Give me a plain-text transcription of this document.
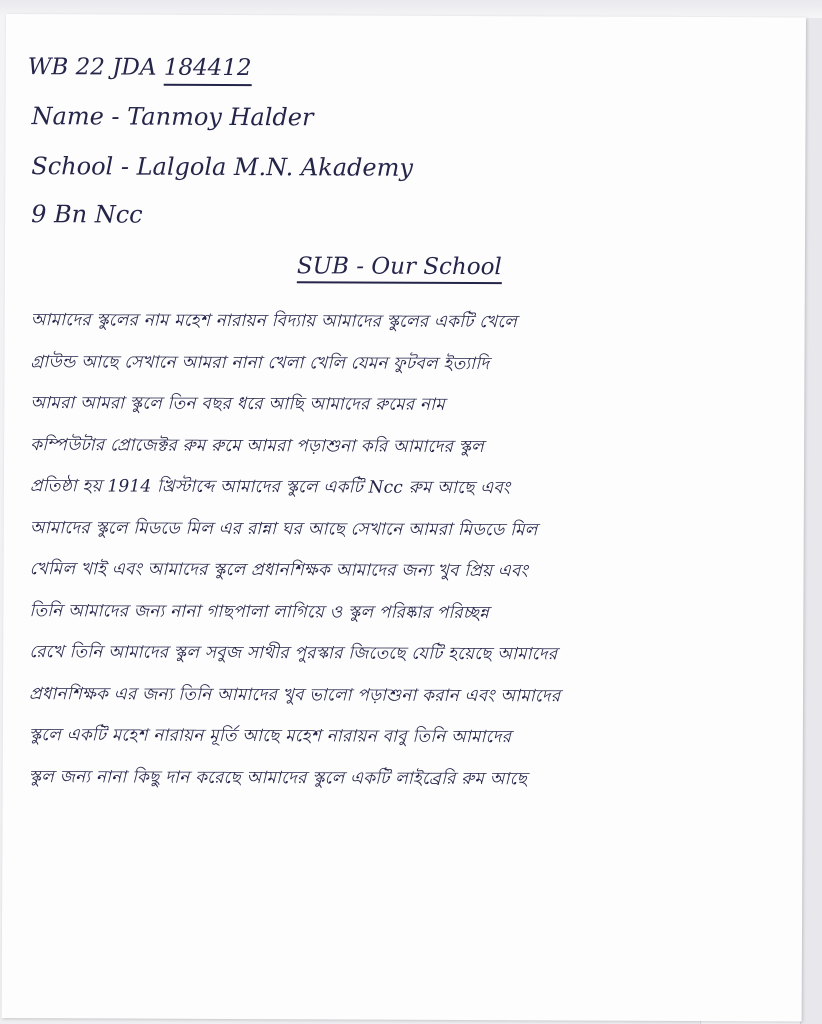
WB 22 JDA 184412
Name - Tanmoy Halder
School - Lalgola M.N. Akademy
9 Bn Ncc
SUB - Our School
আমাদের স্কুলের নাম মহেশ নারায়ন বিদ্যায় আমাদের স্কুলের একটি খেলে
গ্রাউন্ড আছে সেখানে আমরা নানা খেলা খেলি যেমন ফুটবল ইত্যাদি
আমরা আমরা স্কুলে তিন বছর ধরে আছি আমাদের রুমের নাম
কম্পিউটার প্রোজেক্টর রুম রুমে আমরা পড়াশুনা করি আমাদের স্কুল
প্রতিষ্ঠা হয় 1914 খ্রিস্টাব্দে আমাদের স্কুলে একটি Ncc রুম আছে এবং
আমাদের স্কুলে মিডডে মিল এর রান্না ঘর আছে সেখানে আমরা মিডডে মিল
খেমিল খাই এবং আমাদের স্কুলে প্রধানশিক্ষক আমাদের জন্য খুব প্রিয় এবং
তিনি আমাদের জন্য নানা গাছপালা লাগিয়ে ও স্কুল পরিষ্কার পরিচ্ছন্ন
রেখে তিনি আমাদের স্কুল সবুজ সাথীর পুরস্কার জিতেছে যেটি হয়েছে আমাদের
প্রধানশিক্ষক এর জন্য তিনি আমাদের খুব ভালো পড়াশুনা করান এবং আমাদের
স্কুলে একটি মহেশ নারায়ন মূর্তি আছে মহেশ নারায়ন বাবু তিনি আমাদের
স্কুল জন্য নানা কিছু দান করেছে আমাদের স্কুলে একটি লাইব্রেরি রুম আছে
